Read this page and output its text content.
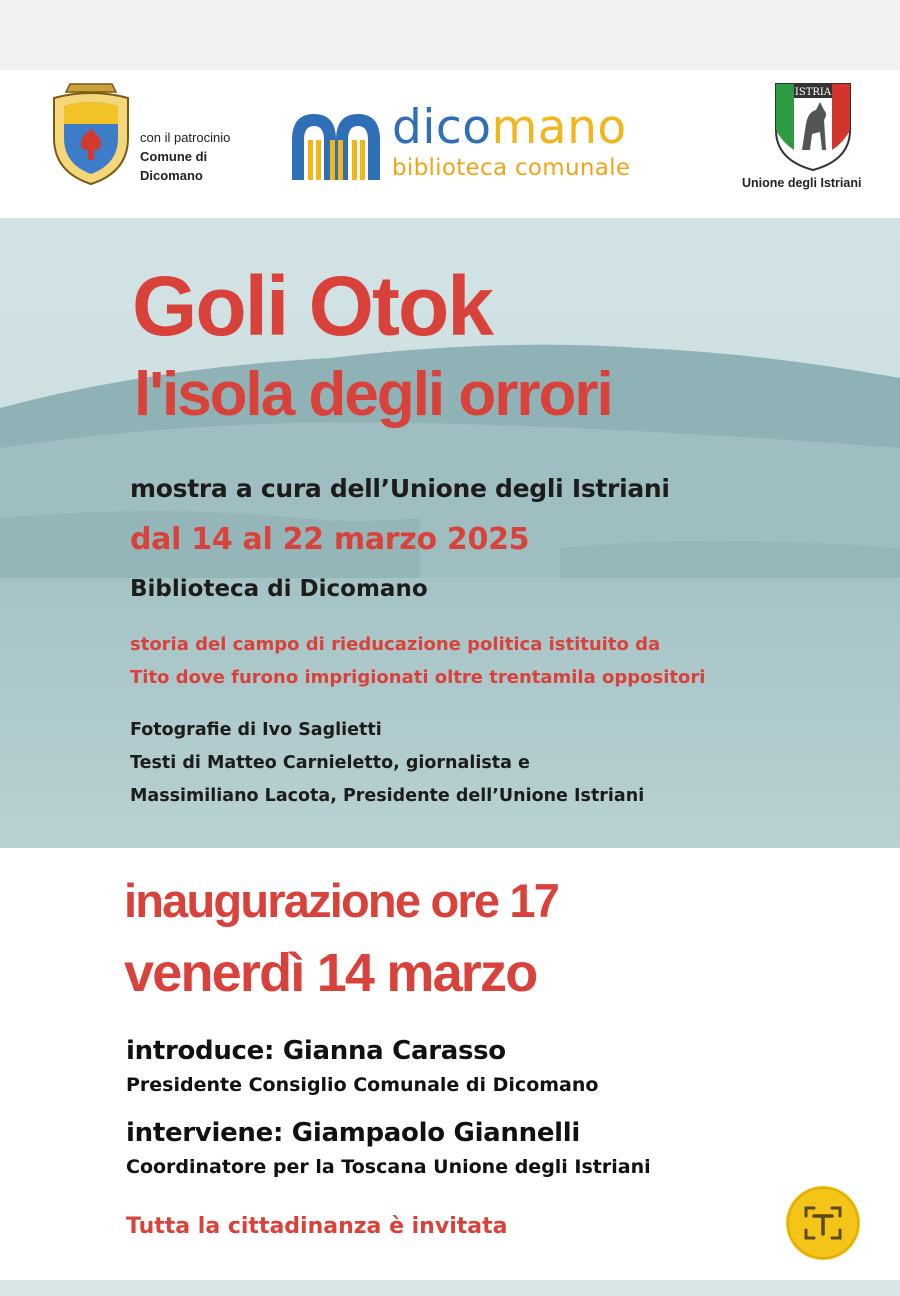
con il patrocinio
Comune di
Dicomano
dicomano
biblioteca comunale
ISTRIA
Unione degli Istriani
Goli Otok
l'isola degli orrori
mostra a cura dell’Unione degli Istriani
dal 14 al 22 marzo 2025
Biblioteca di Dicomano
storia del campo di rieducazione politica istituito da
Tito dove furono imprigionati oltre trentamila oppositori
Fotografie di Ivo Saglietti
Testi di Matteo Carnieletto, giornalista e
Massimiliano Lacota, Presidente dell’Unione Istriani
inaugurazione ore 17
venerdì 14 marzo
introduce: Gianna Carasso
Presidente Consiglio Comunale di Dicomano
interviene: Giampaolo Giannelli
Coordinatore per la Toscana Unione degli Istriani
Tutta la cittadinanza è invitata
